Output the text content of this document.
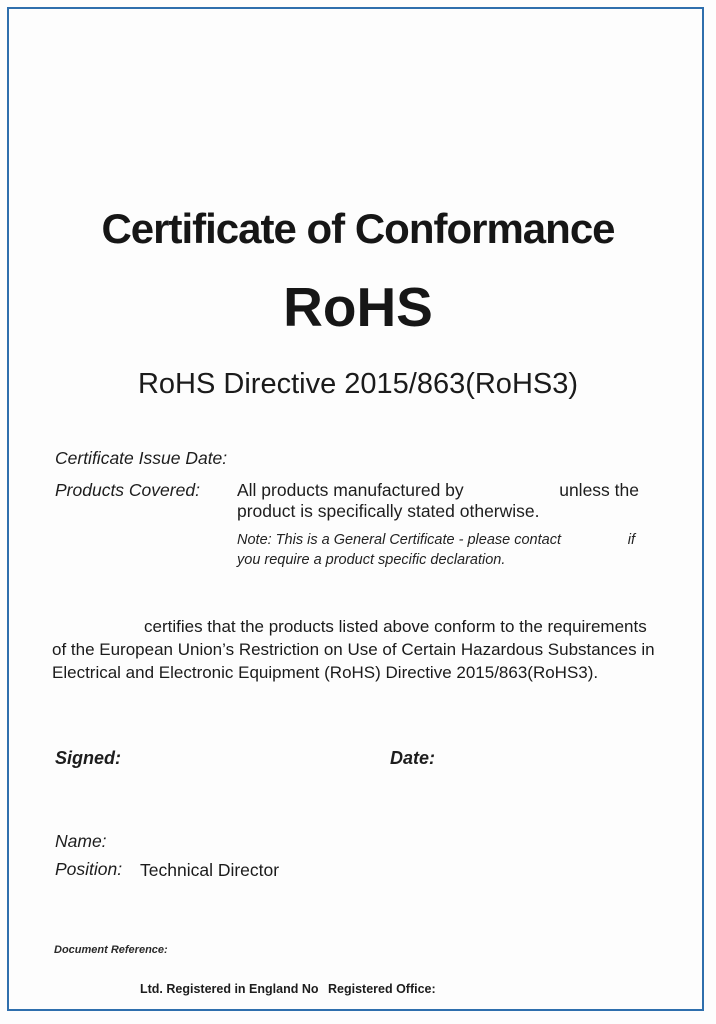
Certificate of Conformance
RoHS
RoHS Directive 2015/863(RoHS3)
Certificate Issue Date:
Products Covered: All products manufactured by	unless the
product is specifically stated otherwise.
Note: This is a General Certificate - please contact	if
you require a product specific declaration.

certifies that the products listed above conform to the requirements of the European Union’s Restriction on Use of Certain Hazardous Substances in Electrical and Electronic Equipment (RoHS) Directive 2015/863(RoHS3).

Signed:	Date:
Name:
Position: Technical Director
Document Reference:
Ltd. Registered in England No Registered Office:
